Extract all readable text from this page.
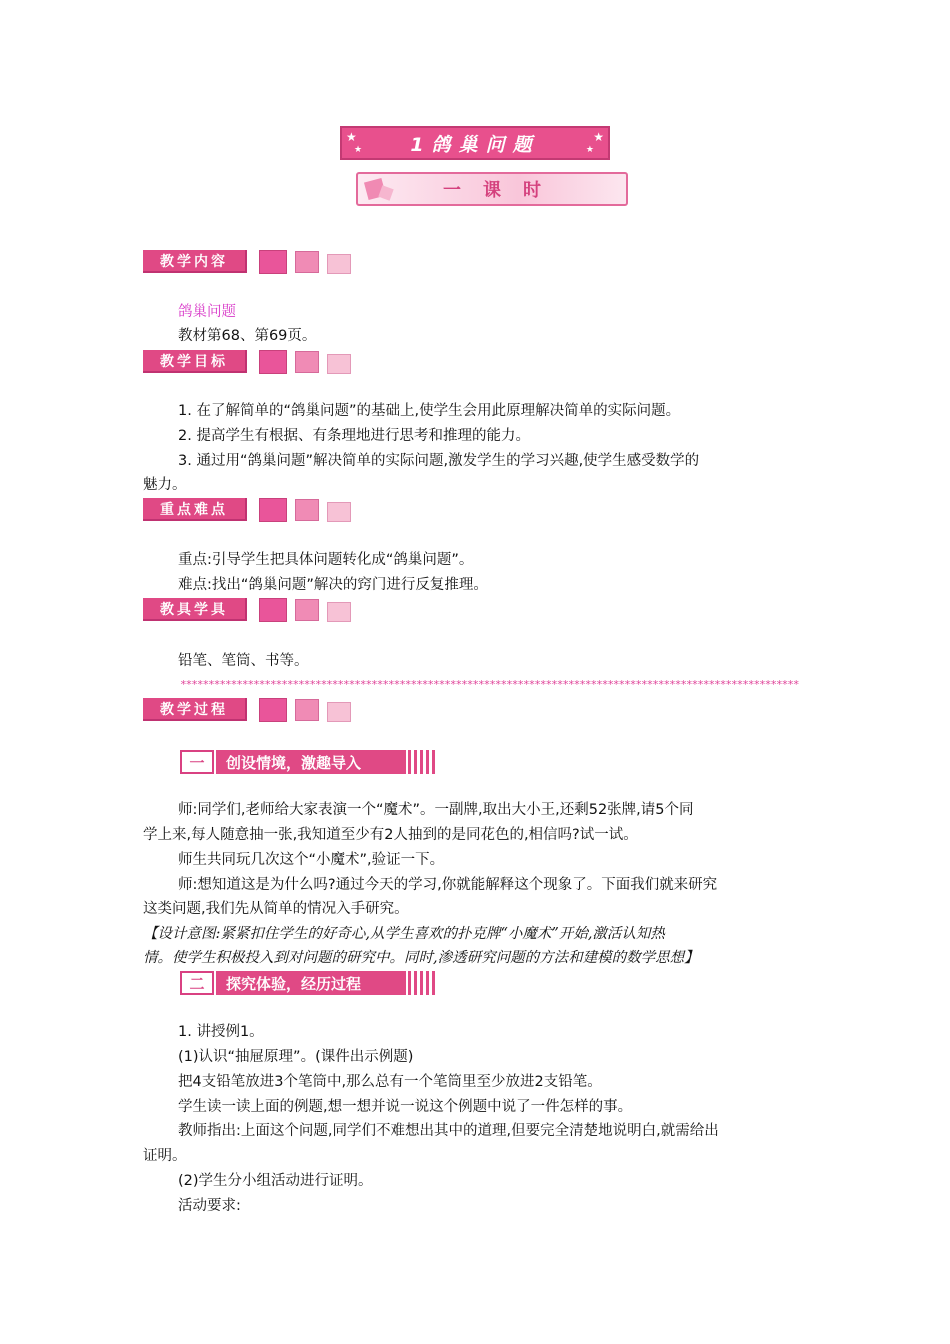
★
★
★
★
1鸽巢问题
一课时
教学内容
鸽巢问题
教材第68、第69页。
教学目标
1. 在了解简单的“鸽巢问题”的基础上,使学生会用此原理解决简单的实际问题。
2. 提高学生有根据、有条理地进行思考和推理的能力。
3. 通过用“鸽巢问题”解决简单的实际问题,激发学生的学习兴趣,使学生感受数学的
魅力。
重点难点
重点:引导学生把具体问题转化成“鸽巢问题”。
难点:找出“鸽巢问题”解决的窍门进行反复推理。
教具学具
铅笔、笔筒、书等。
**************************************************************************************************************
教学过程
一	创设情境，激趣导入
师:同学们,老师给大家表演一个“魔术”。一副牌,取出大小王,还剩52张牌,请5个同
学上来,每人随意抽一张,我知道至少有2人抽到的是同花色的,相信吗?试一试。
师生共同玩几次这个“小魔术”,验证一下。
师:想知道这是为什么吗?通过今天的学习,你就能解释这个现象了。下面我们就来研究
这类问题,我们先从简单的情况入手研究。
【设计意图:紧紧扣住学生的好奇心,从学生喜欢的扑克牌“小魔术”开始,激活认知热
情。使学生积极投入到对问题的研究中。同时,渗透研究问题的方法和建模的数学思想】
二	探究体验，经历过程
1. 讲授例1。
(1)认识“抽屉原理”。(课件出示例题)
把4支铅笔放进3个笔筒中,那么总有一个笔筒里至少放进2支铅笔。
学生读一读上面的例题,想一想并说一说这个例题中说了一件怎样的事。
教师指出:上面这个问题,同学们不难想出其中的道理,但要完全清楚地说明白,就需给出
证明。
(2)学生分小组活动进行证明。
活动要求:
